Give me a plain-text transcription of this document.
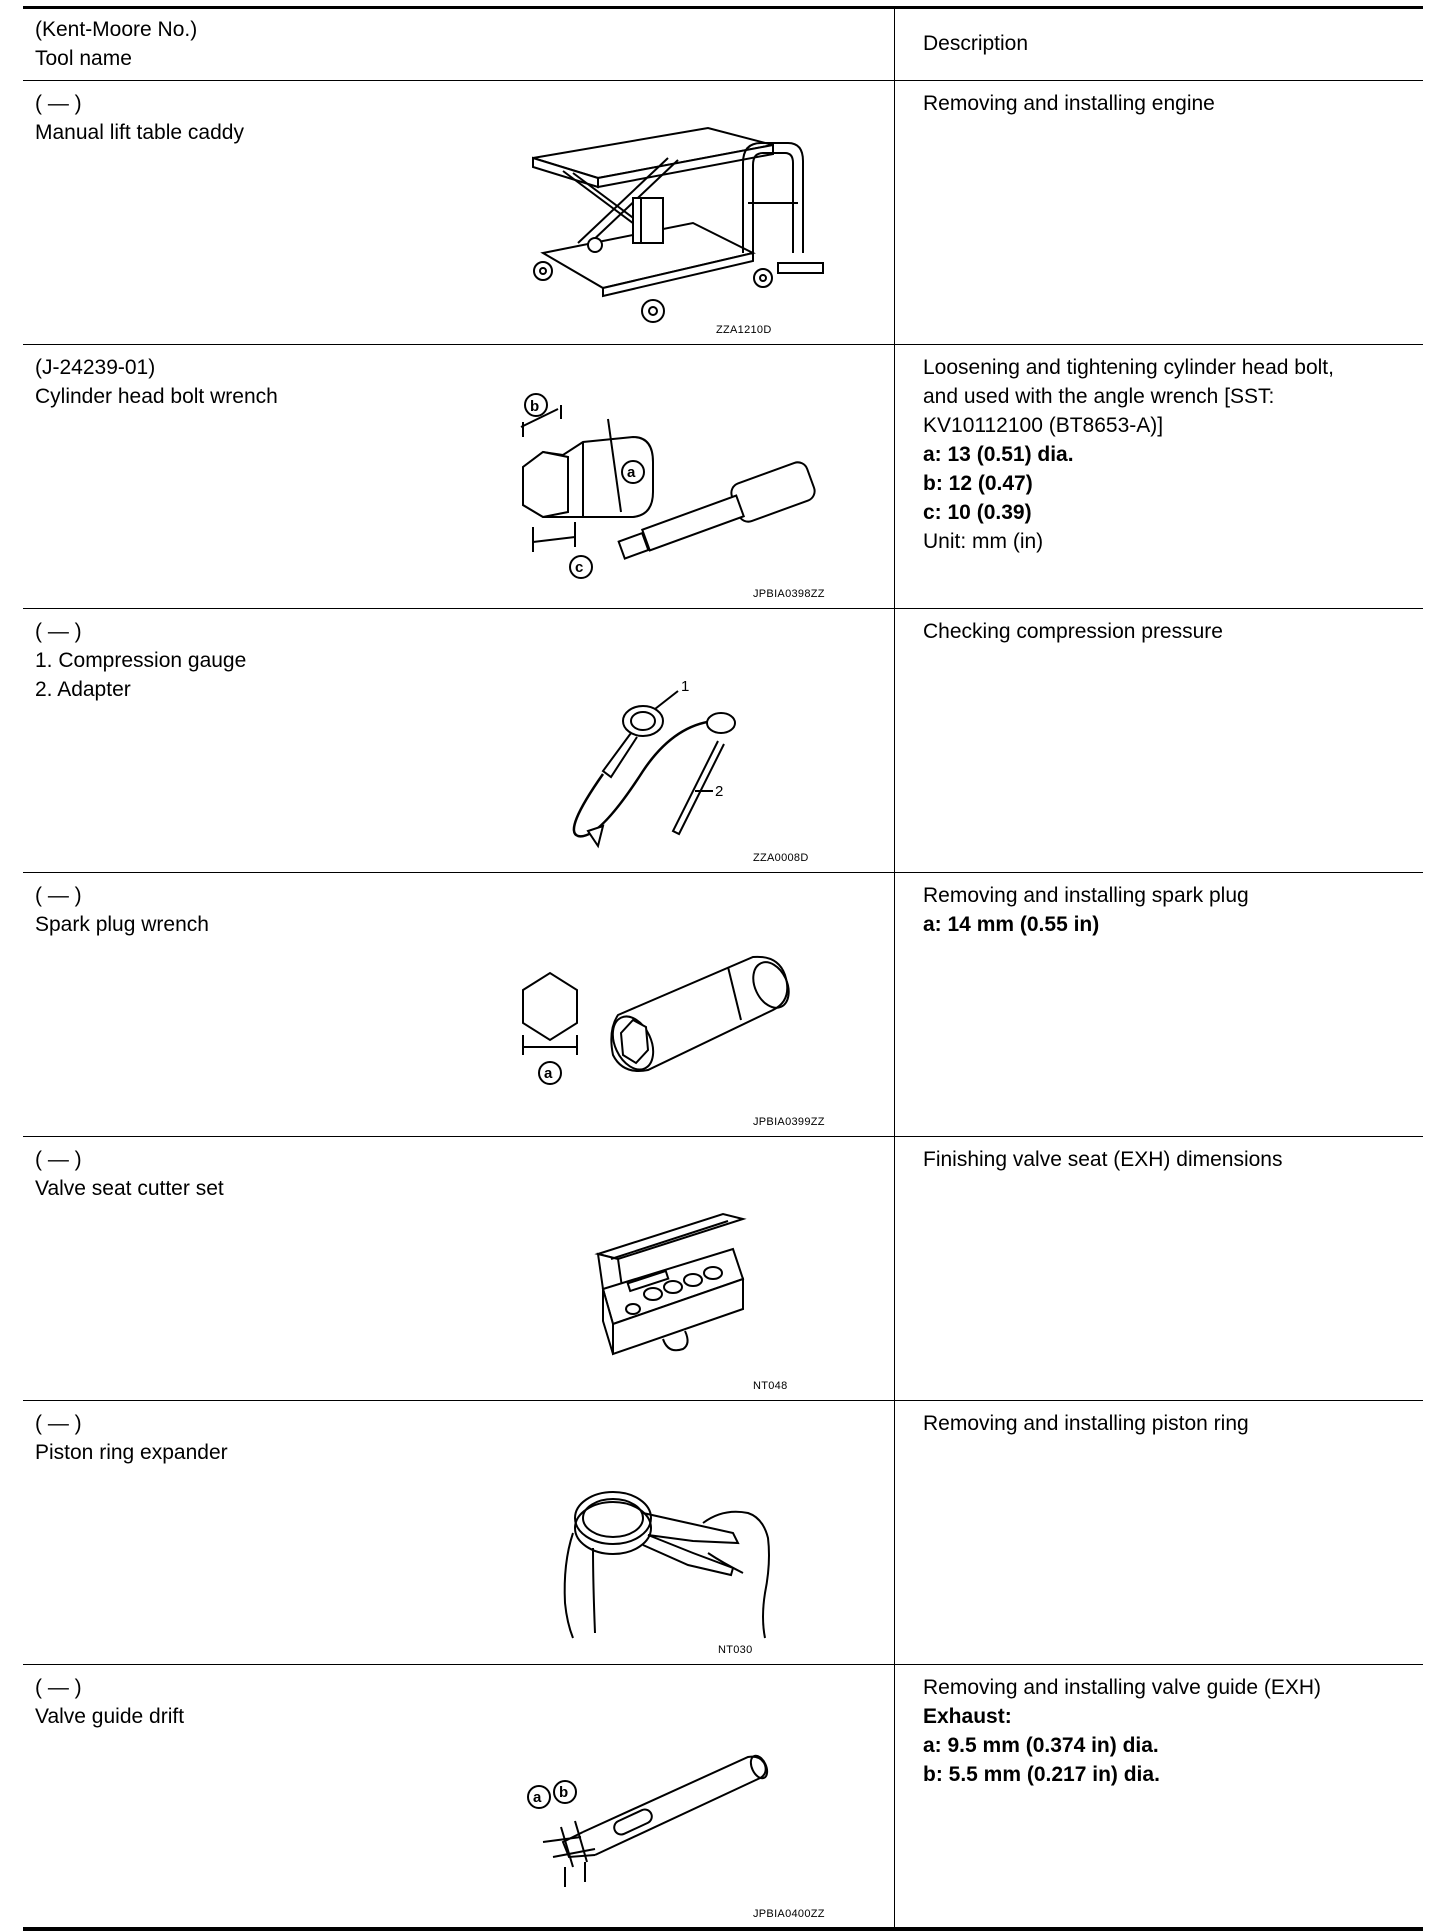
(Kent-Moore No.)
Tool name
Description
( — )
Manual lift table caddy
ZZA1210D
Removing and installing engine
(J-24239-01)
Cylinder head bolt wrench	b
a
c
JPBIA0398ZZ
Loosening and tightening cylinder head bolt,
and used with the angle wrench [SST:
KV10112100 (BT8653-A)]
a: 13 (0.51) dia.
b: 12 (0.47)
c: 10 (0.39)
Unit: mm (in)
( — )
1. Compression gauge
2. Adapter	1
2
ZZA0008D
Checking compression pressure
( — )
Spark plug wrench
a
JPBIA0399ZZ
Removing and installing spark plug
a: 14 mm (0.55 in)
( — )
Valve seat cutter set
NT048
Finishing valve seat (EXH) dimensions
( — )
Piston ring expander
NT030
Removing and installing piston ring
( — )
Valve guide drift
a b
JPBIA0400ZZ
Removing and installing valve guide (EXH)
Exhaust:
a: 9.5 mm (0.374 in) dia.
b: 5.5 mm (0.217 in) dia.
